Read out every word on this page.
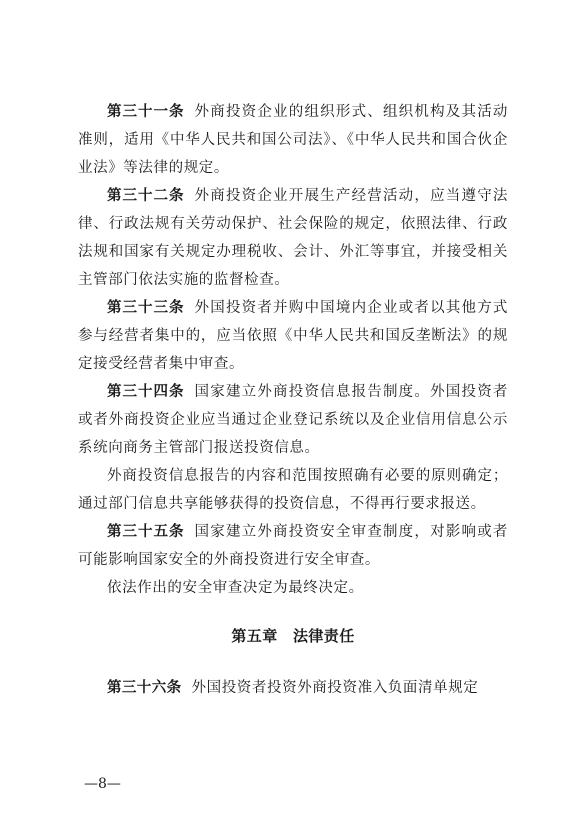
第三十一条 外商投资企业的组织形式、组织机构及其活动准则，适用《中华人民共和国公司法》、《中华人民共和国合伙企业法》等法律的规定。

第三十二条 外商投资企业开展生产经营活动，应当遵守法律、行政法规有关劳动保护、社会保险的规定，依照法律、行政法规和国家有关规定办理税收、会计、外汇等事宜，并接受相关主管部门依法实施的监督检查。

第三十三条 外国投资者并购中国境内企业或者以其他方式参与经营者集中的，应当依照《中华人民共和国反垄断法》的规定接受经营者集中审查。

第三十四条 国家建立外商投资信息报告制度。外国投资者或者外商投资企业应当通过企业登记系统以及企业信用信息公示系统向商务主管部门报送投资信息。

外商投资信息报告的内容和范围按照确有必要的原则确定；通过部门信息共享能够获得的投资信息，不得再行要求报送。

第三十五条 国家建立外商投资安全审查制度，对影响或者可能影响国家安全的外商投资进行安全审查。

依法作出的安全审查决定为最终决定。

第五章　法律责任

第三十六条 外国投资者投资外商投资准入负面清单规定

—8—
